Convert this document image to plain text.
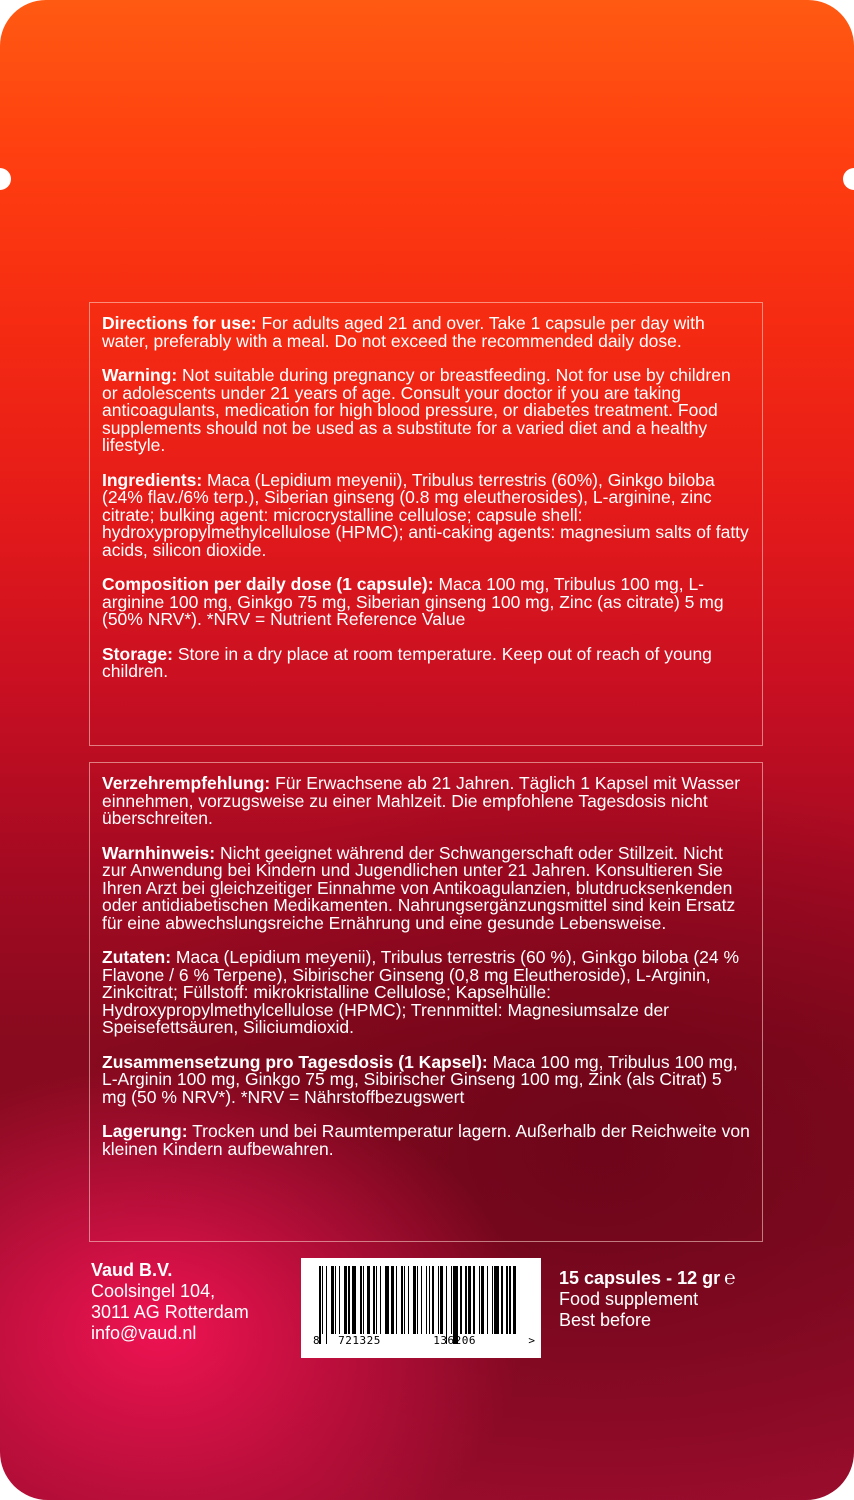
Directions for use: For adults aged 21 and over. Take 1 capsule per day with water, preferably with a meal. Do not exceed the recommended daily dose.

Warning: Not suitable during pregnancy or breastfeeding. Not for use by children or adolescents under 21 years of age. Consult your doctor if you are taking anticoagulants, medication for high blood pressure, or diabetes treatment. Food supplements should not be used as a substitute for a varied diet and a healthy lifestyle.

Ingredients: Maca (Lepidium meyenii), Tribulus terrestris (60%), Ginkgo biloba (24% flav./6% terp.), Siberian ginseng (0.8 mg eleutherosides), L-arginine, zinc citrate; bulking agent: microcrystalline cellulose; capsule shell: hydroxypropylmethylcellulose (HPMC); anti-caking agents: magnesium salts of fatty acids, silicon dioxide.

Composition per daily dose (1 capsule): Maca 100 mg, Tribulus 100 mg, L-arginine 100 mg, Ginkgo 75 mg, Siberian ginseng 100 mg, Zinc (as citrate) 5 mg (50% NRV*). *NRV = Nutrient Reference Value

Storage: Store in a dry place at room temperature. Keep out of reach of young children.

Verzehrempfehlung: Für Erwachsene ab 21 Jahren. Täglich 1 Kapsel mit Wasser einnehmen, vorzugsweise zu einer Mahlzeit. Die empfohlene Tagesdosis nicht überschreiten.

Warnhinweis: Nicht geeignet während der Schwangerschaft oder Stillzeit. Nicht zur Anwendung bei Kindern und Jugendlichen unter 21 Jahren. Konsultieren Sie Ihren Arzt bei gleichzeitiger Einnahme von Antikoagulanzien, blutdrucksenkenden oder antidiabetischen Medikamenten. Nahrungsergänzungsmittel sind kein Ersatz für eine abwechslungsreiche Ernährung und eine gesunde Lebensweise.

Zutaten: Maca (Lepidium meyenii), Tribulus terrestris (60 %), Ginkgo biloba (24 % Flavone / 6 % Terpene), Sibirischer Ginseng (0,8 mg Eleutheroside), L-Arginin, Zinkcitrat; Füllstoff: mikrokristalline Cellulose; Kapselhülle: Hydroxypropylmethylcellulose (HPMC); Trennmittel: Magnesiumsalze der Speisefettsäuren, Siliciumdioxid.

Zusammensetzung pro Tagesdosis (1 Kapsel): Maca 100 mg, Tribulus 100 mg, L-Arginin 100 mg, Ginkgo 75 mg, Sibirischer Ginseng 100 mg, Zink (als Citrat) 5 mg (50 % NRV*). *NRV = Nährstoffbezugswert

Lagerung: Trocken und bei Raumtemperatur lagern. Außerhalb der Reichweite von kleinen Kindern aufbewahren.

Vaud B.V.
Coolsingel 104,
3011 AG Rotterdam
info@vaud.nl	8 721325	136206	>
15 capsules - 12 gr ℮
Food supplement
Best before
